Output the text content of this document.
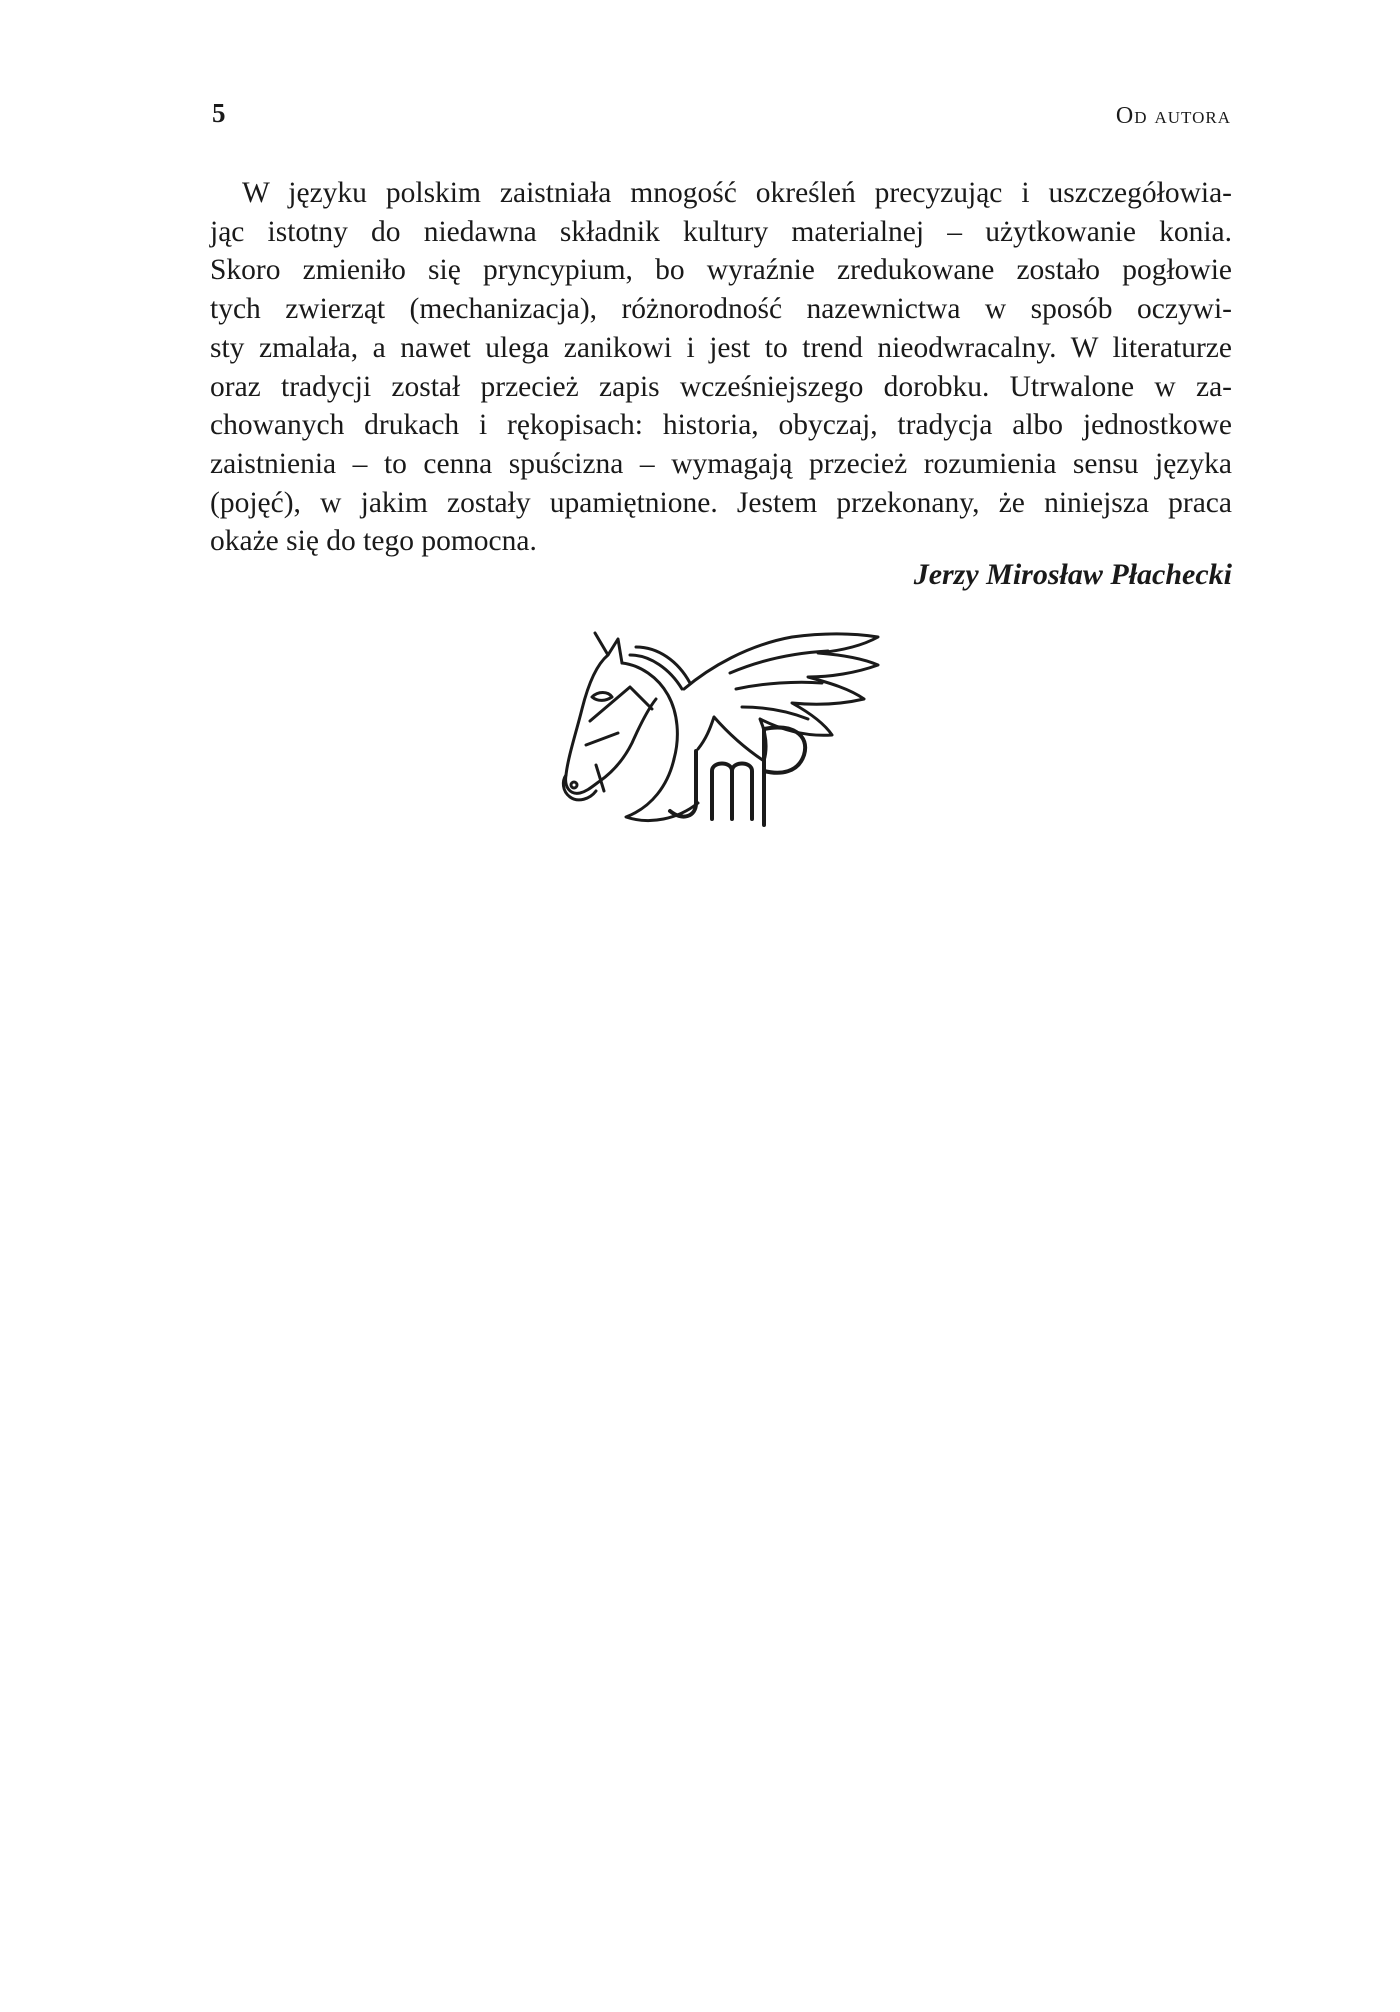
5	Od autora
W języku polskim zaistniała mnogość określeń precyzując i uszczegółowia-
jąc istotny do niedawna składnik kultury materialnej – użytkowanie konia.
Skoro zmieniło się pryncypium, bo wyraźnie zredukowane zostało pogłowie
tych zwierząt (mechanizacja), różnorodność nazewnictwa w sposób oczywi-
sty zmalała, a nawet ulega zanikowi i jest to trend nieodwracalny. W literaturze
oraz tradycji został przecież zapis wcześniejszego dorobku. Utrwalone w za-
chowanych drukach i rękopisach: historia, obyczaj, tradycja albo jednostkowe
zaistnienia – to cenna spuścizna – wymagają przecież rozumienia sensu języka
(pojęć), w jakim zostały upamiętnione. Jestem przekonany, że niniejsza praca
okaże się do tego pomocna.
Jerzy Mirosław Płachecki
